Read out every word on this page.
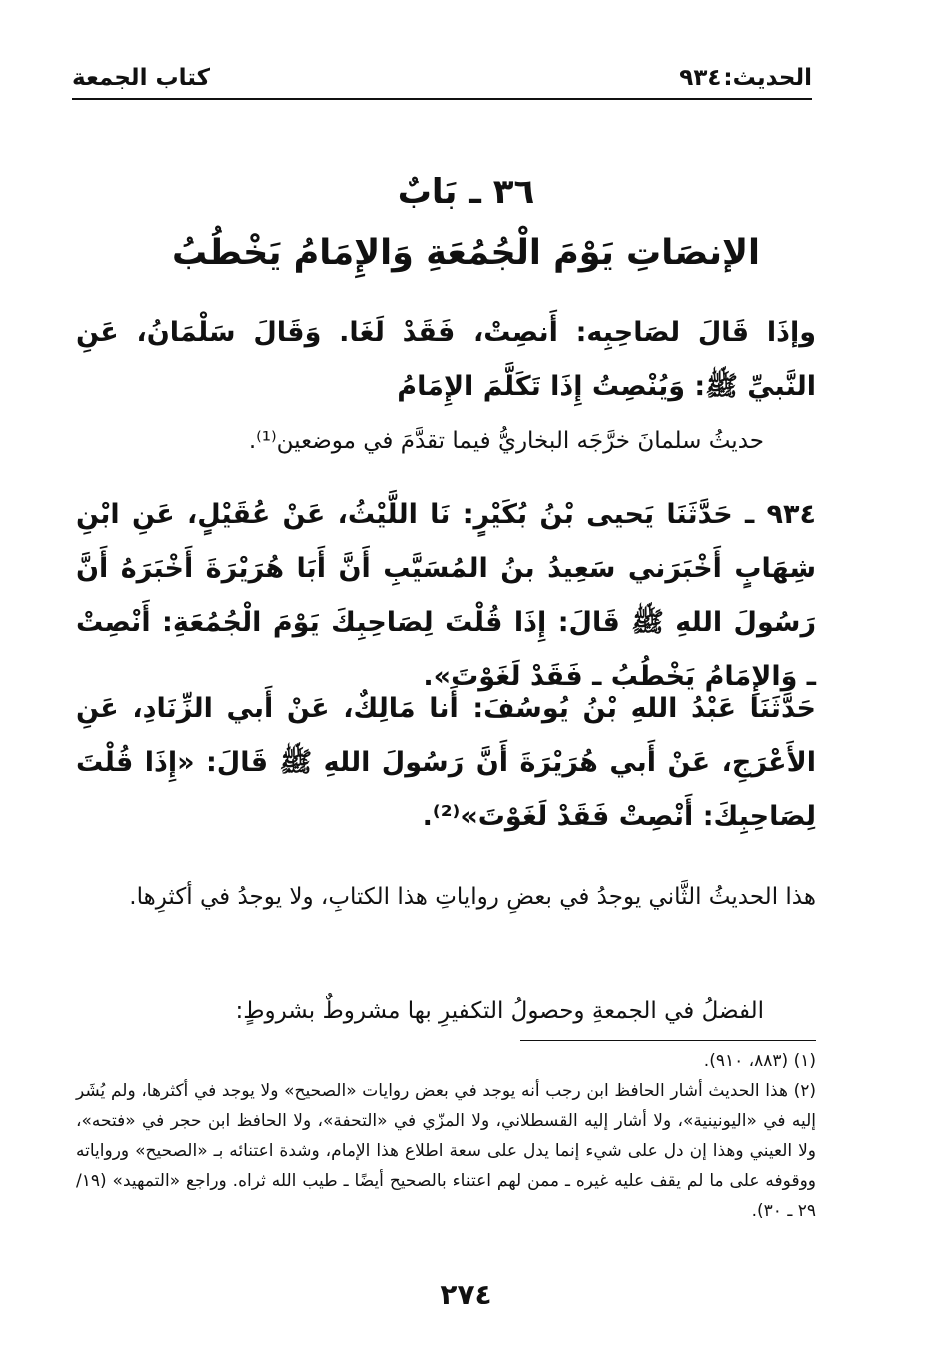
الحديث:
٩٣٤
كتاب الجمعة
٣٦ ـ بَابٌ
الإنصَاتِ يَوْمَ الْجُمُعَةِ وَالإِمَامُ يَخْطُبُ
وإذَا قَالَ لصَاحِبِه: أَنصِتْ، فَقَدْ لَغَا. وَقَالَ سَلْمَانُ، عَنِ النَّبيِّ ﷺ: وَيُنْصِتُ إِذَا تَكَلَّمَ الإِمَامُ
حديثُ سلمانَ خرَّجَه البخاريُّ فيما تقدَّمَ في موضعين⁽¹⁾.
٩٣٤ ـ حَدَّثَنَا يَحيى بْنُ بُكَيْرٍ: نَا اللَّيْثُ، عَنْ عُقَيْلٍ، عَنِ ابْنِ شِهَابٍ أَخْبَرَني سَعِيدُ بنُ المُسَيَّبِ أَنَّ أَبَا هُرَيْرَةَ أَخْبَرَهُ أَنَّ رَسُولَ اللهِ ﷺ قَالَ: إِذَا قُلْتَ لِصَاحِبِكَ يَوْمَ الْجُمُعَةِ: أَنْصِتْ ـ وَالإِمَامُ يَخْطُبُ ـ فَقَدْ لَغَوْتَ».
حَدَّثَنَا عَبْدُ اللهِ بْنُ يُوسُفَ: أَنا مَالِكٌ، عَنْ أَبي الزِّنَادِ، عَنِ الأَعْرَجِ، عَنْ أَبي هُرَيْرَةَ أَنَّ رَسُولَ اللهِ ﷺ قَالَ: «إِذَا قُلْتَ لِصَاحِبِكَ: أَنْصِتْ فَقَدْ لَغَوْتَ»⁽²⁾.
هذا الحديثُ الثَّاني يوجدُ في بعضِ رواياتِ هذا الكتابِ، ولا يوجدُ في أكثرِها.
الفضلُ في الجمعةِ وحصولُ التكفيرِ بها مشروطٌ بشروطٍ:

(١) (٨٨٣، ٩١٠).

(٢) هذا الحديث أشار الحافظ ابن رجب أنه يوجد في بعض روايات «الصحيح» ولا يوجد في أكثرها، ولم يُشَر إليه في «اليونينية»، ولا أشار إليه القسطلاني، ولا المزّي في «التحفة»، ولا الحافظ ابن حجر في «فتحه»، ولا العيني وهذا إن دل على شيء إنما يدل على سعة اطلاع هذا الإمام، وشدة اعتنائه بـ «الصحيح» ورواياته ووقوفه على ما لم يقف عليه غيره ـ ممن لهم اعتناء بالصحيح أيضًا ـ طيب الله ثراه. وراجع «التمهيد» (١٩/ ٢٩ ـ ٣٠).

٢٧٤
